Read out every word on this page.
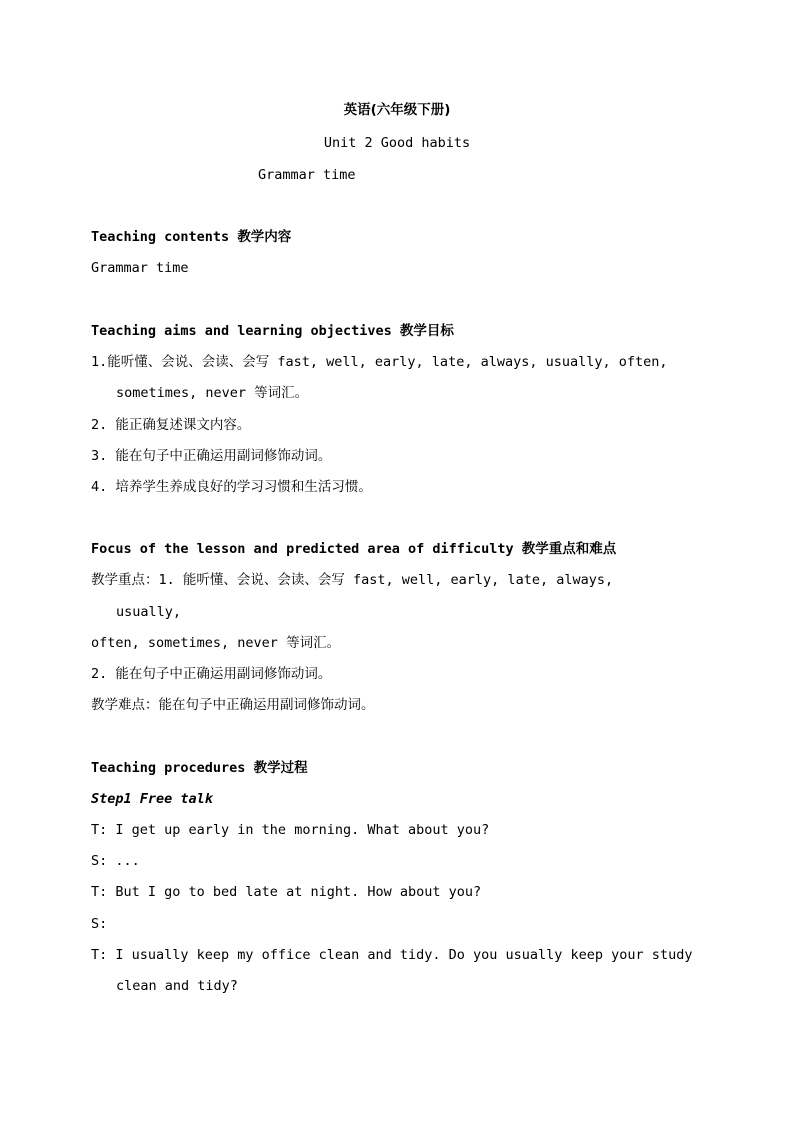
英语(六年级下册)
Unit 2 Good habits
Grammar time
Teaching contents 教学内容
Grammar time
Teaching aims and learning objectives 教学目标
1.能听懂、会说、会读、会写 fast, well, early, late, always, usually, often,
sometimes, never 等词汇。
2. 能正确复述课文内容。
3. 能在句子中正确运用副词修饰动词。
4. 培养学生养成良好的学习习惯和生活习惯。
Focus of the lesson and predicted area of difficulty 教学重点和难点
教学重点：1. 能听懂、会说、会读、会写 fast, well, early, late, always,
usually,
often, sometimes, never 等词汇。
2. 能在句子中正确运用副词修饰动词。
教学难点：能在句子中正确运用副词修饰动词。
Teaching procedures 教学过程
Step1 Free talk
T: I get up early in the morning. What about you?
S: ...
T: But I go to bed late at night. How about you?
S:
T: I usually keep my office clean and tidy. Do you usually keep your study
clean and tidy?
